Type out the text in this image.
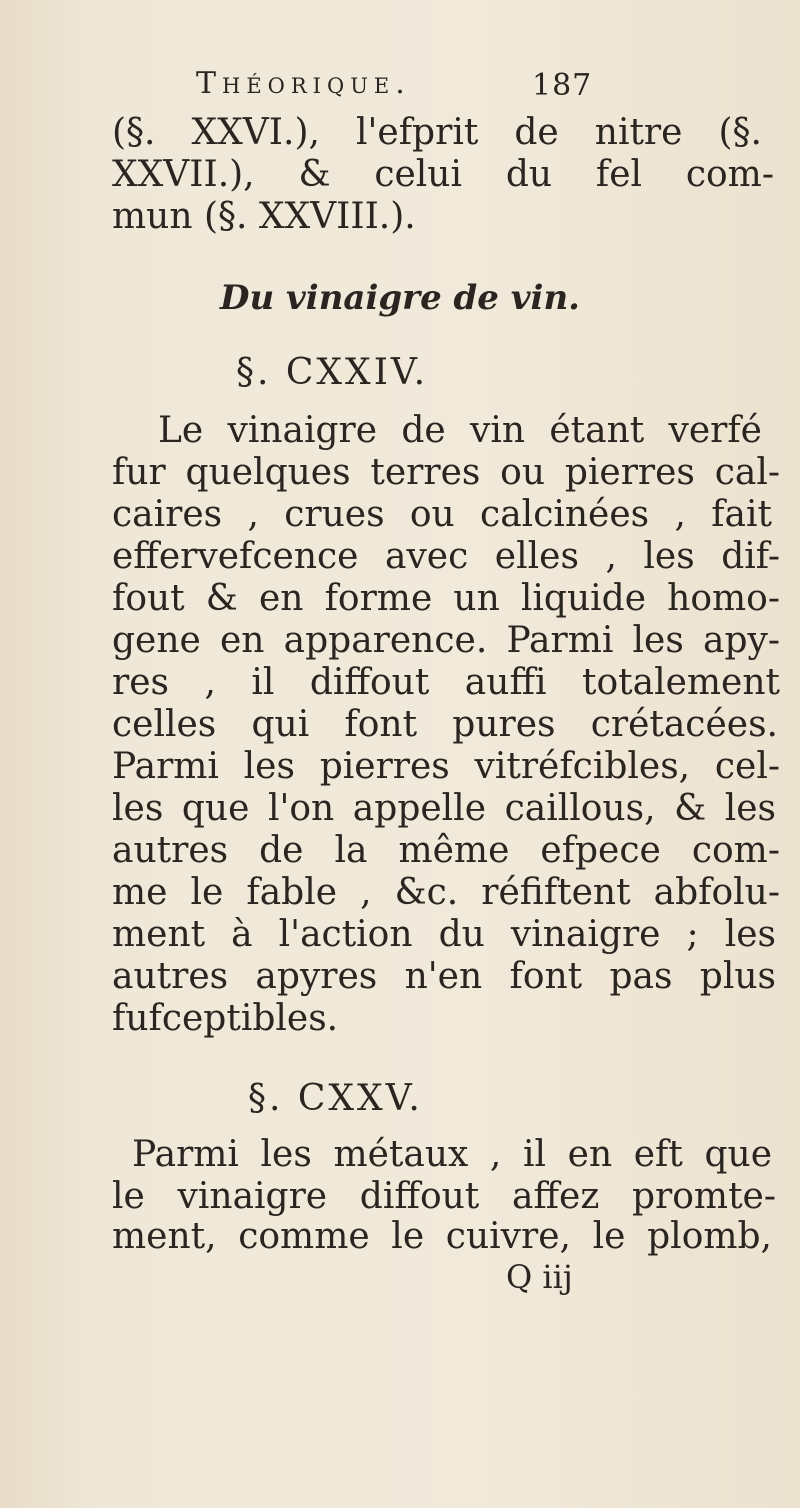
Théorique.	187
(§. XXVI.), l'efprit de nitre (§.
XXVII.), & celui du fel com-
mun (§. XXVIII.).
Du vinaigre de vin.
§. CXXIV.
Le vinaigre de vin étant verfé
fur quelques terres ou pierres cal-
caires , crues ou calcinées , fait
effervefcence avec elles , les dif-
fout & en forme un liquide homo-
gene en apparence. Parmi les apy-
res , il diffout auffi totalement
celles qui font pures crétacées.
Parmi les pierres vitréfcibles, cel-
les que l'on appelle caillous, & les
autres de la même efpece com-
me le fable , &c. réfiftent abfolu-
ment à l'action du vinaigre ; les
autres apyres n'en font pas plus
fufceptibles.
§. CXXV.
Parmi les métaux , il en eft que
le vinaigre diffout affez promte-
ment, comme le cuivre, le plomb,
Q iij
